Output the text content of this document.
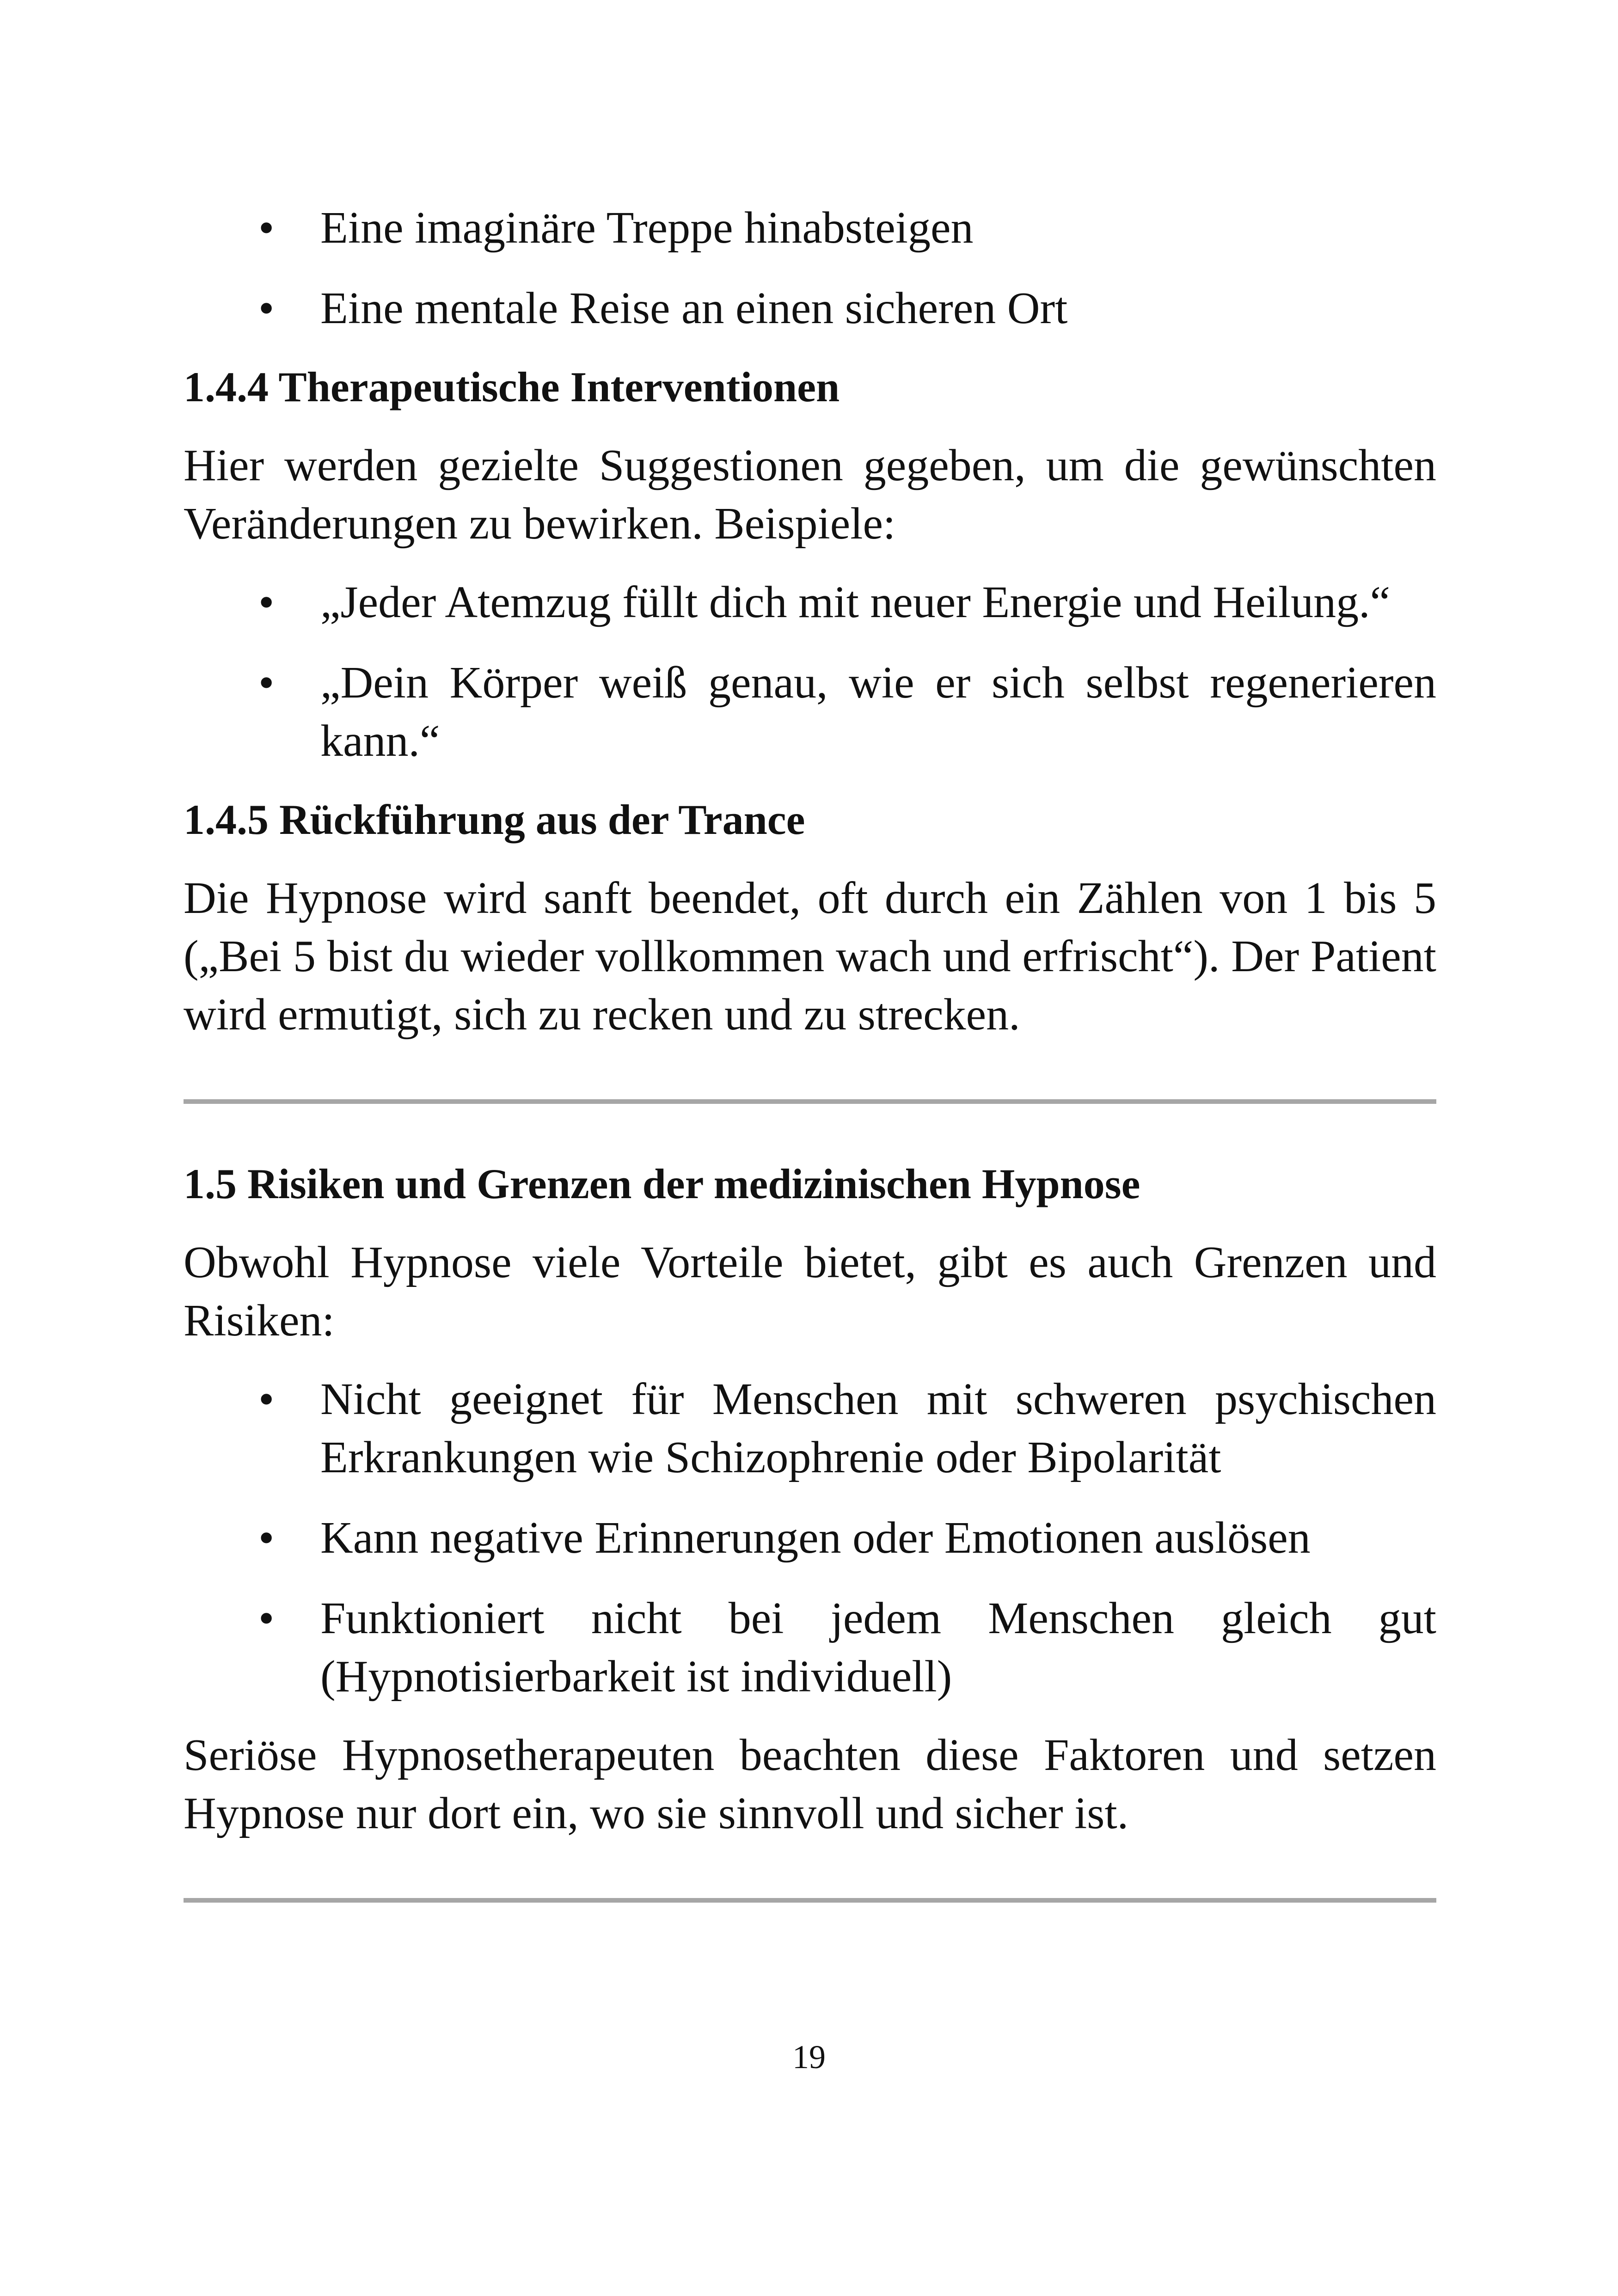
• Eine imaginäre Treppe hinabsteigen
• Eine mentale Reise an einen sicheren Ort
1.4.4 Therapeutische Interventionen

Hier werden gezielte Suggestionen gegeben, um die gewünschten Veränderungen zu bewirken. Beispiele:

• „Jeder Atemzug füllt dich mit neuer Energie und Heilung.“
• „Dein Körper weiß genau, wie er sich selbst regenerieren kann.“
1.4.5 Rückführung aus der Trance

Die Hypnose wird sanft beendet, oft durch ein Zählen von 1 bis 5 („Bei 5 bist du wieder vollkommen wach und erfrischt“). Der Patient wird ermutigt, sich zu recken und zu strecken.

1.5 Risiken und Grenzen der medizinischen Hypnose

Obwohl Hypnose viele Vorteile bietet, gibt es auch Grenzen und Risiken:

• Nicht geeignet für Menschen mit schweren psychischen Erkrankungen wie Schizophrenie oder Bipolarität
• Kann negative Erinnerungen oder Emotionen auslösen
• Funktioniert nicht bei jedem Menschen gleich gut (Hypnotisierbarkeit ist individuell)

Seriöse Hypnosetherapeuten beachten diese Faktoren und setzen Hypnose nur dort ein, wo sie sinnvoll und sicher ist.

19
